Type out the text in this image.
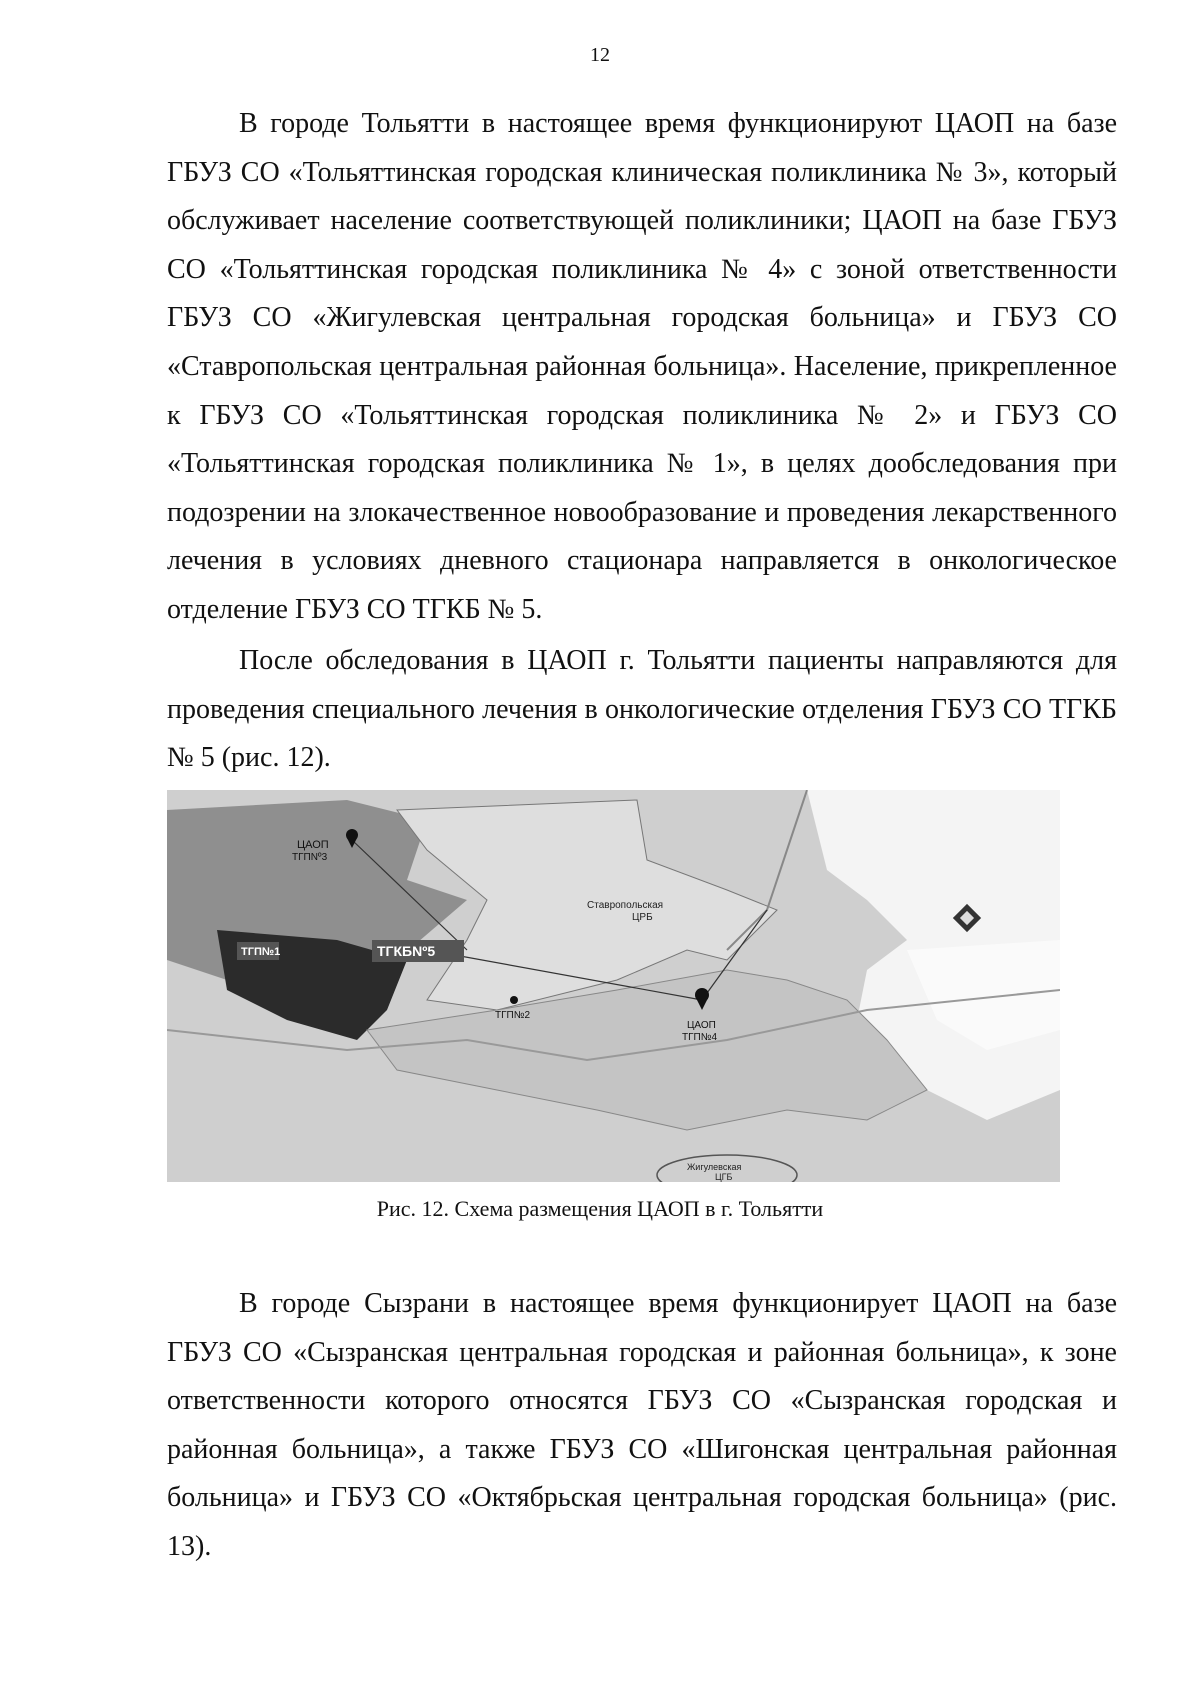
12

В городе Тольятти в настоящее время функционируют ЦАОП на базе ГБУЗ СО «Тольяттинская городская клиническая поликлиника № 3», который обслуживает население соответствующей поликлиники; ЦАОП на базе ГБУЗ СО «Тольяттинская городская поликлиника № 4» с зоной ответственности ГБУЗ СО «Жигулевская центральная городская больница» и ГБУЗ СО «Ставропольская центральная районная больница». Население, прикрепленное к ГБУЗ СО «Тольяттинская городская поликлиника № 2» и ГБУЗ СО «Тольяттинская городская поликлиника № 1», в целях дообследования при подозрении на злокачественное новообразование и проведения лекарственного лечения в условиях дневного стационара направляется в онкологическое отделение ГБУЗ СО ТГКБ № 5.

После обследования в ЦАОП г. Тольятти пациенты направляются для проведения специального лечения в онкологические отделения ГБУЗ СО ТГКБ № 5 (рис. 12).

ЦАОП
ТГПNº3
ТГКБNº5
ТГП№1
ТГП№2
Ставропольская
ЦРБ
ЦАОП
ТГП№4
Жигулевская
ЦГБ
Рис. 12. Схема размещения ЦАОП в г. Тольятти

В городе Сызрани в настоящее время функционирует ЦАОП на базе ГБУЗ СО «Сызранская центральная городская и районная больница», к зоне ответственности которого относятся ГБУЗ СО «Сызранская городская и районная больница», а также ГБУЗ СО «Шигонская центральная районная больница» и ГБУЗ СО «Октябрьская центральная городская больница» (рис. 13).
